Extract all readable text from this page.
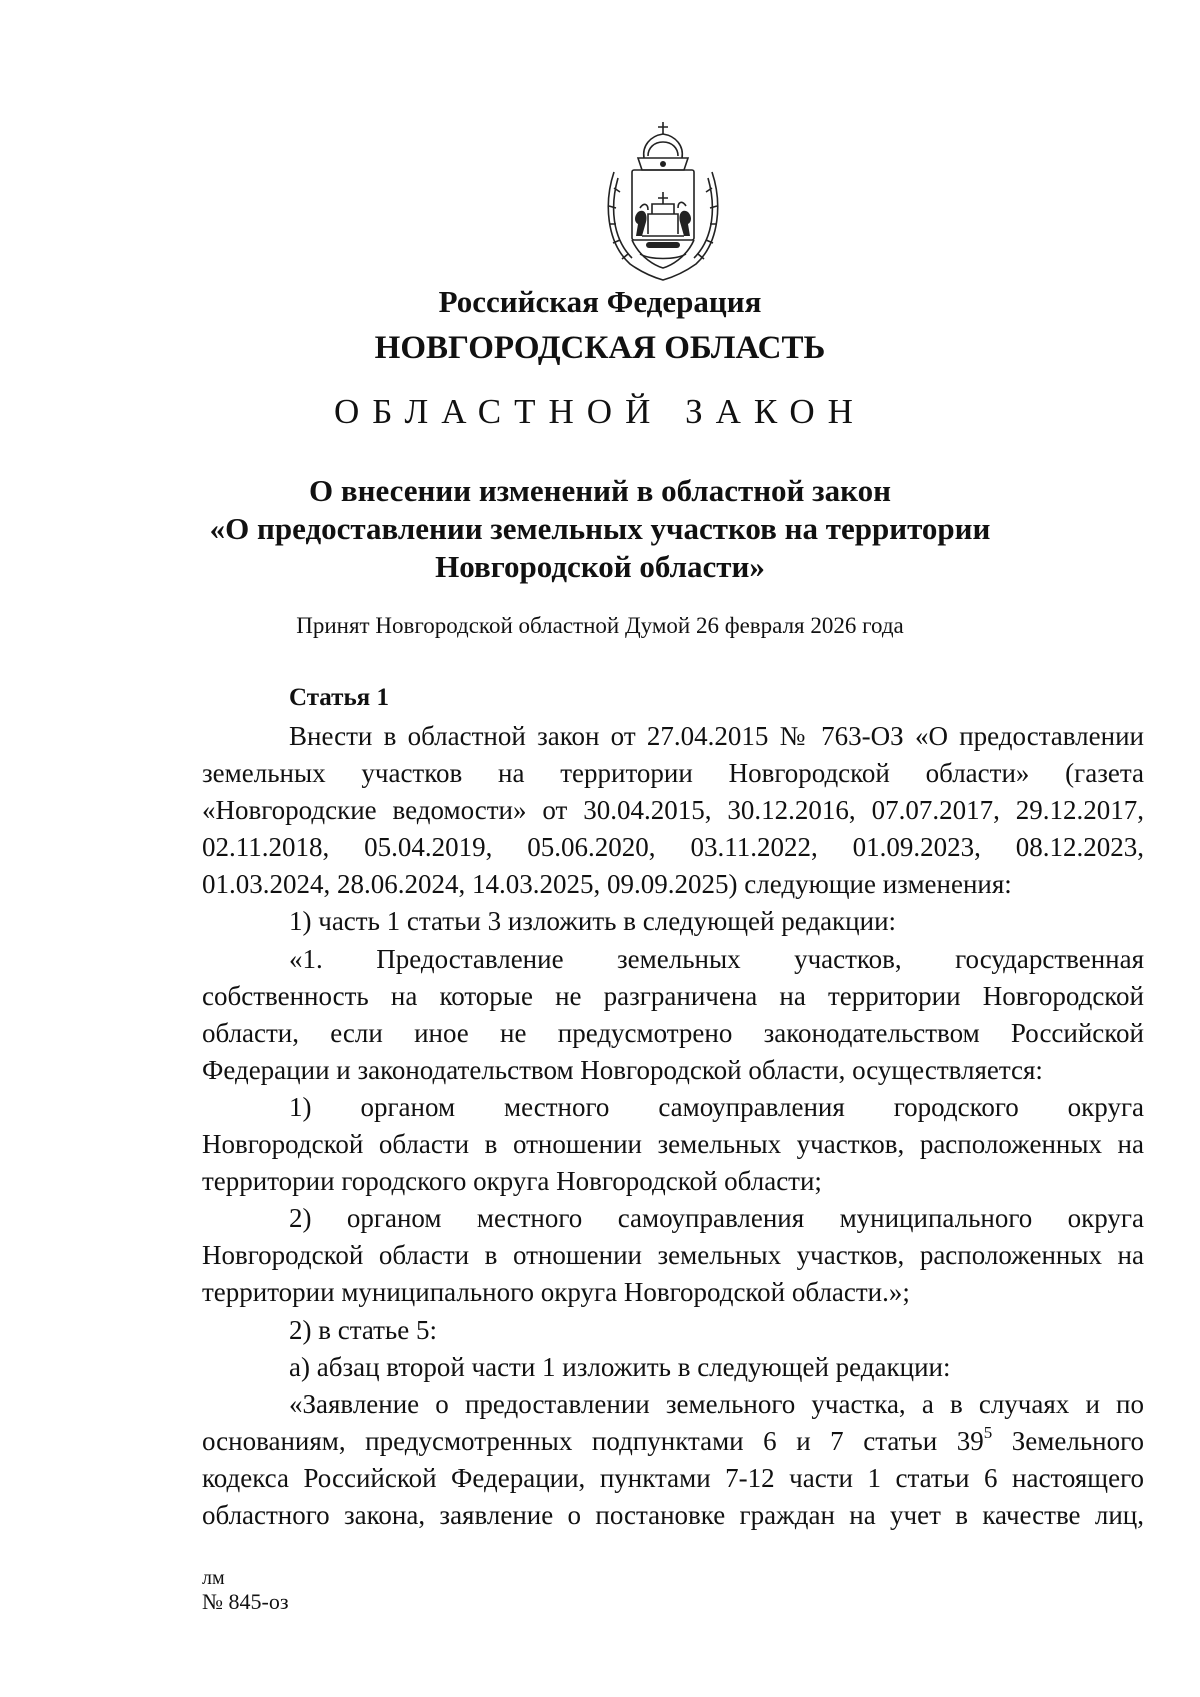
Российская Федерация
НОВГОРОДСКАЯ ОБЛАСТЬ
ОБЛАСТНОЙ ЗАКОН
О внесении изменений в областной закон
«О предоставлении земельных участков на территории
Новгородской области»
Принят Новгородской областной Думой 26 февраля 2026 года
Статья 1

Внести в областной закон от 27.04.2015 № 763-ОЗ «О предоставлении

земельных участков на территории Новгородской области» (газета

«Новгородские ведомости» от 30.04.2015, 30.12.2016, 07.07.2017, 29.12.2017,

02.11.2018, 05.04.2019, 05.06.2020, 03.11.2022, 01.09.2023, 08.12.2023,

01.03.2024, 28.06.2024, 14.03.2025, 09.09.2025) следующие изменения:

1) часть 1 статьи 3 изложить в следующей редакции:

«1. Предоставление земельных участков, государственная

собственность на которые не разграничена на территории Новгородской

области, если иное не предусмотрено законодательством Российской

Федерации и законодательством Новгородской области, осуществляется:

1) органом местного самоуправления городского округа

Новгородской области в отношении земельных участков, расположенных на

территории городского округа Новгородской области;

2) органом местного самоуправления муниципального округа

Новгородской области в отношении земельных участков, расположенных на

территории муниципального округа Новгородской области.»;

2) в статье 5:

а) абзац второй части 1 изложить в следующей редакции:

«Заявление о предоставлении земельного участка, а в случаях и по

основаниям, предусмотренных подпунктами 6 и 7 статьи $39^5$ Земельного

кодекса Российской Федерации, пунктами 7-12 части 1 статьи 6 настоящего

областного закона, заявление о постановке граждан на учет в качестве лиц,

лм
№ 845-оз
